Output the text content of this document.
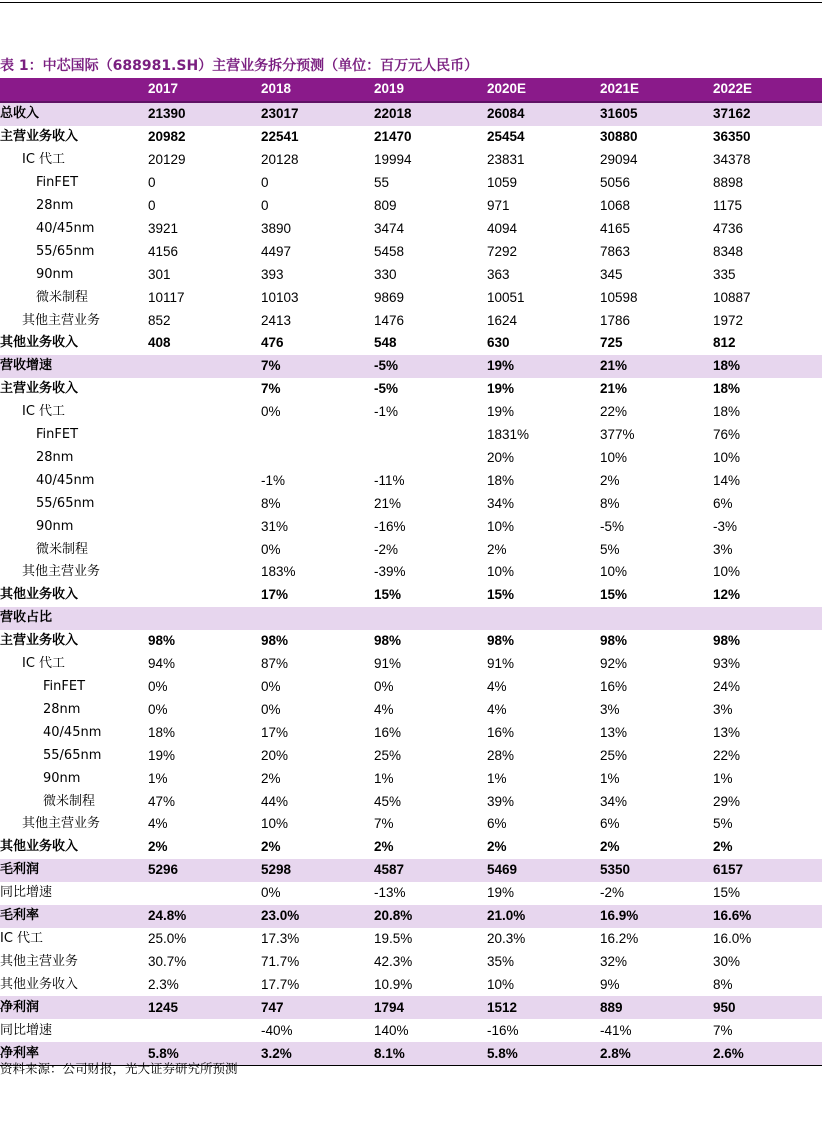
表 1：中芯国际（688981.SH）主营业务拆分预测（单位：百万元人民币）
	2017	2018	2019	2020E	2021E	2022E
总收入	21390	23017	22018	26084	31605	37162
主营业务收入	20982	22541	21470	25454	30880	36350
IC 代工	20129	20128	19994	23831	29094	34378
FinFET	0	0	55	1059	5056	8898
28nm	0	0	809	971	1068	1175
40/45nm	3921	3890	3474	4094	4165	4736
55/65nm	4156	4497	5458	7292	7863	8348
90nm	301	393	330	363	345	335
微米制程	10117	10103	9869	10051	10598	10887
其他主营业务	852	2413	1476	1624	1786	1972
其他业务收入	408	476	548	630	725	812
营收增速		7%	-5%	19%	21%	18%
主营业务收入		7%	-5%	19%	21%	18%
IC 代工		0%	-1%	19%	22%	18%
FinFET				1831%	377%	76%
28nm				20%	10%	10%
40/45nm		-1%	-11%	18%	2%	14%
55/65nm		8%	21%	34%	8%	6%
90nm		31%	-16%	10%	-5%	-3%
微米制程		0%	-2%	2%	5%	3%
其他主营业务		183%	-39%	10%	10%	10%
其他业务收入		17%	15%	15%	15%	12%
营收占比						
主营业务收入	98%	98%	98%	98%	98%	98%
IC 代工	94%	87%	91%	91%	92%	93%
FinFET	0%	0%	0%	4%	16%	24%
28nm	0%	0%	4%	4%	3%	3%
40/45nm	18%	17%	16%	16%	13%	13%
55/65nm	19%	20%	25%	28%	25%	22%
90nm	1%	2%	1%	1%	1%	1%
微米制程	47%	44%	45%	39%	34%	29%
其他主营业务	4%	10%	7%	6%	6%	5%
其他业务收入	2%	2%	2%	2%	2%	2%
毛利润	5296	5298	4587	5469	5350	6157
同比增速		0%	-13%	19%	-2%	15%
毛利率	24.8%	23.0%	20.8%	21.0%	16.9%	16.6%
IC 代工	25.0%	17.3%	19.5%	20.3%	16.2%	16.0%
其他主营业务	30.7%	71.7%	42.3%	35%	32%	30%
其他业务收入	2.3%	17.7%	10.9%	10%	9%	8%
净利润	1245	747	1794	1512	889	950
同比增速		-40%	140%	-16%	-41%	7%
净利率	5.8%	3.2%	8.1%	5.8%	2.8%	2.6%
资料来源：公司财报，光大证券研究所预测
